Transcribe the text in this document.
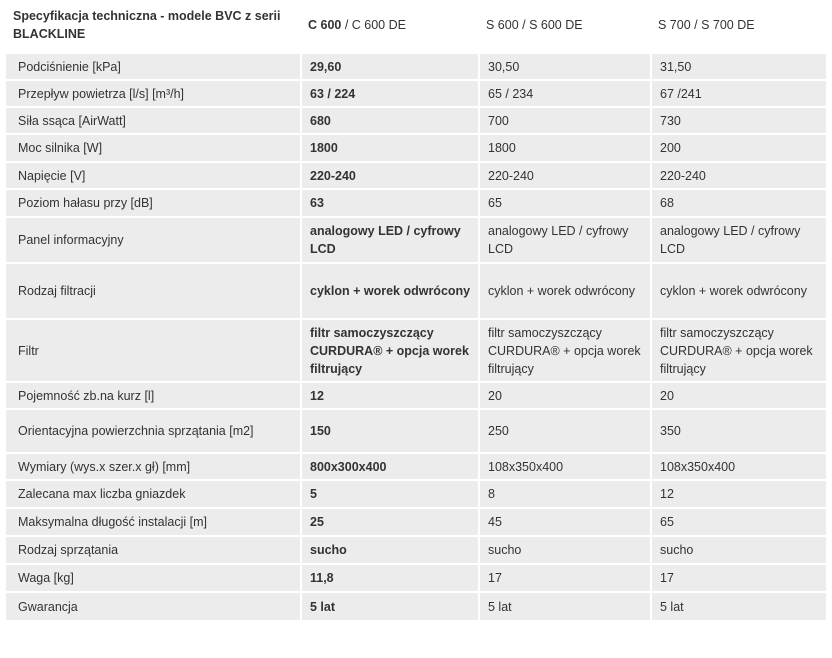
Specyfikacja techniczna - modele BVC z serii BLACKLINE	C 600 / C 600 DE	S 600 / S 600 DE	S 700 / S 700 DE
Podciśnienie [kPa]	29,60	30,50	31,50
Przepływ powietrza [l/s] [m³/h]	63 / 224	65 / 234	67 /241
Siła ssąca [AirWatt]	680	700	730
Moc silnika [W]	1800	1800	200
Napięcie [V]	220-240	220-240	220-240
Poziom hałasu przy [dB]	63	65	68
Panel informacyjny	analogowy LED / cyfrowy LCD	analogowy LED / cyfrowy LCD	analogowy LED / cyfrowy LCD
Rodzaj filtracji	cyklon + worek odwrócony	cyklon + worek odwrócony	cyklon + worek odwrócony
Filtr	filtr samoczyszczący CURDURA® + opcja worek filtrujący	filtr samoczyszczący CURDURA® + opcja worek filtrujący	filtr samoczyszczący CURDURA® + opcja worek filtrujący
Pojemność zb.na kurz [l]	12	20	20
Orientacyjna powierzchnia sprzątania [m2]	150	250	350
Wymiary (wys.x szer.x gł) [mm]	800x300x400	108x350x400	108x350x400
Zalecana max liczba gniazdek	5	8	12
Maksymalna długość instalacji [m]	25	45	65
Rodzaj sprzątania	sucho	sucho	sucho
Waga [kg]	11,8	17	17
Gwarancja	5 lat	5 lat	5 lat
